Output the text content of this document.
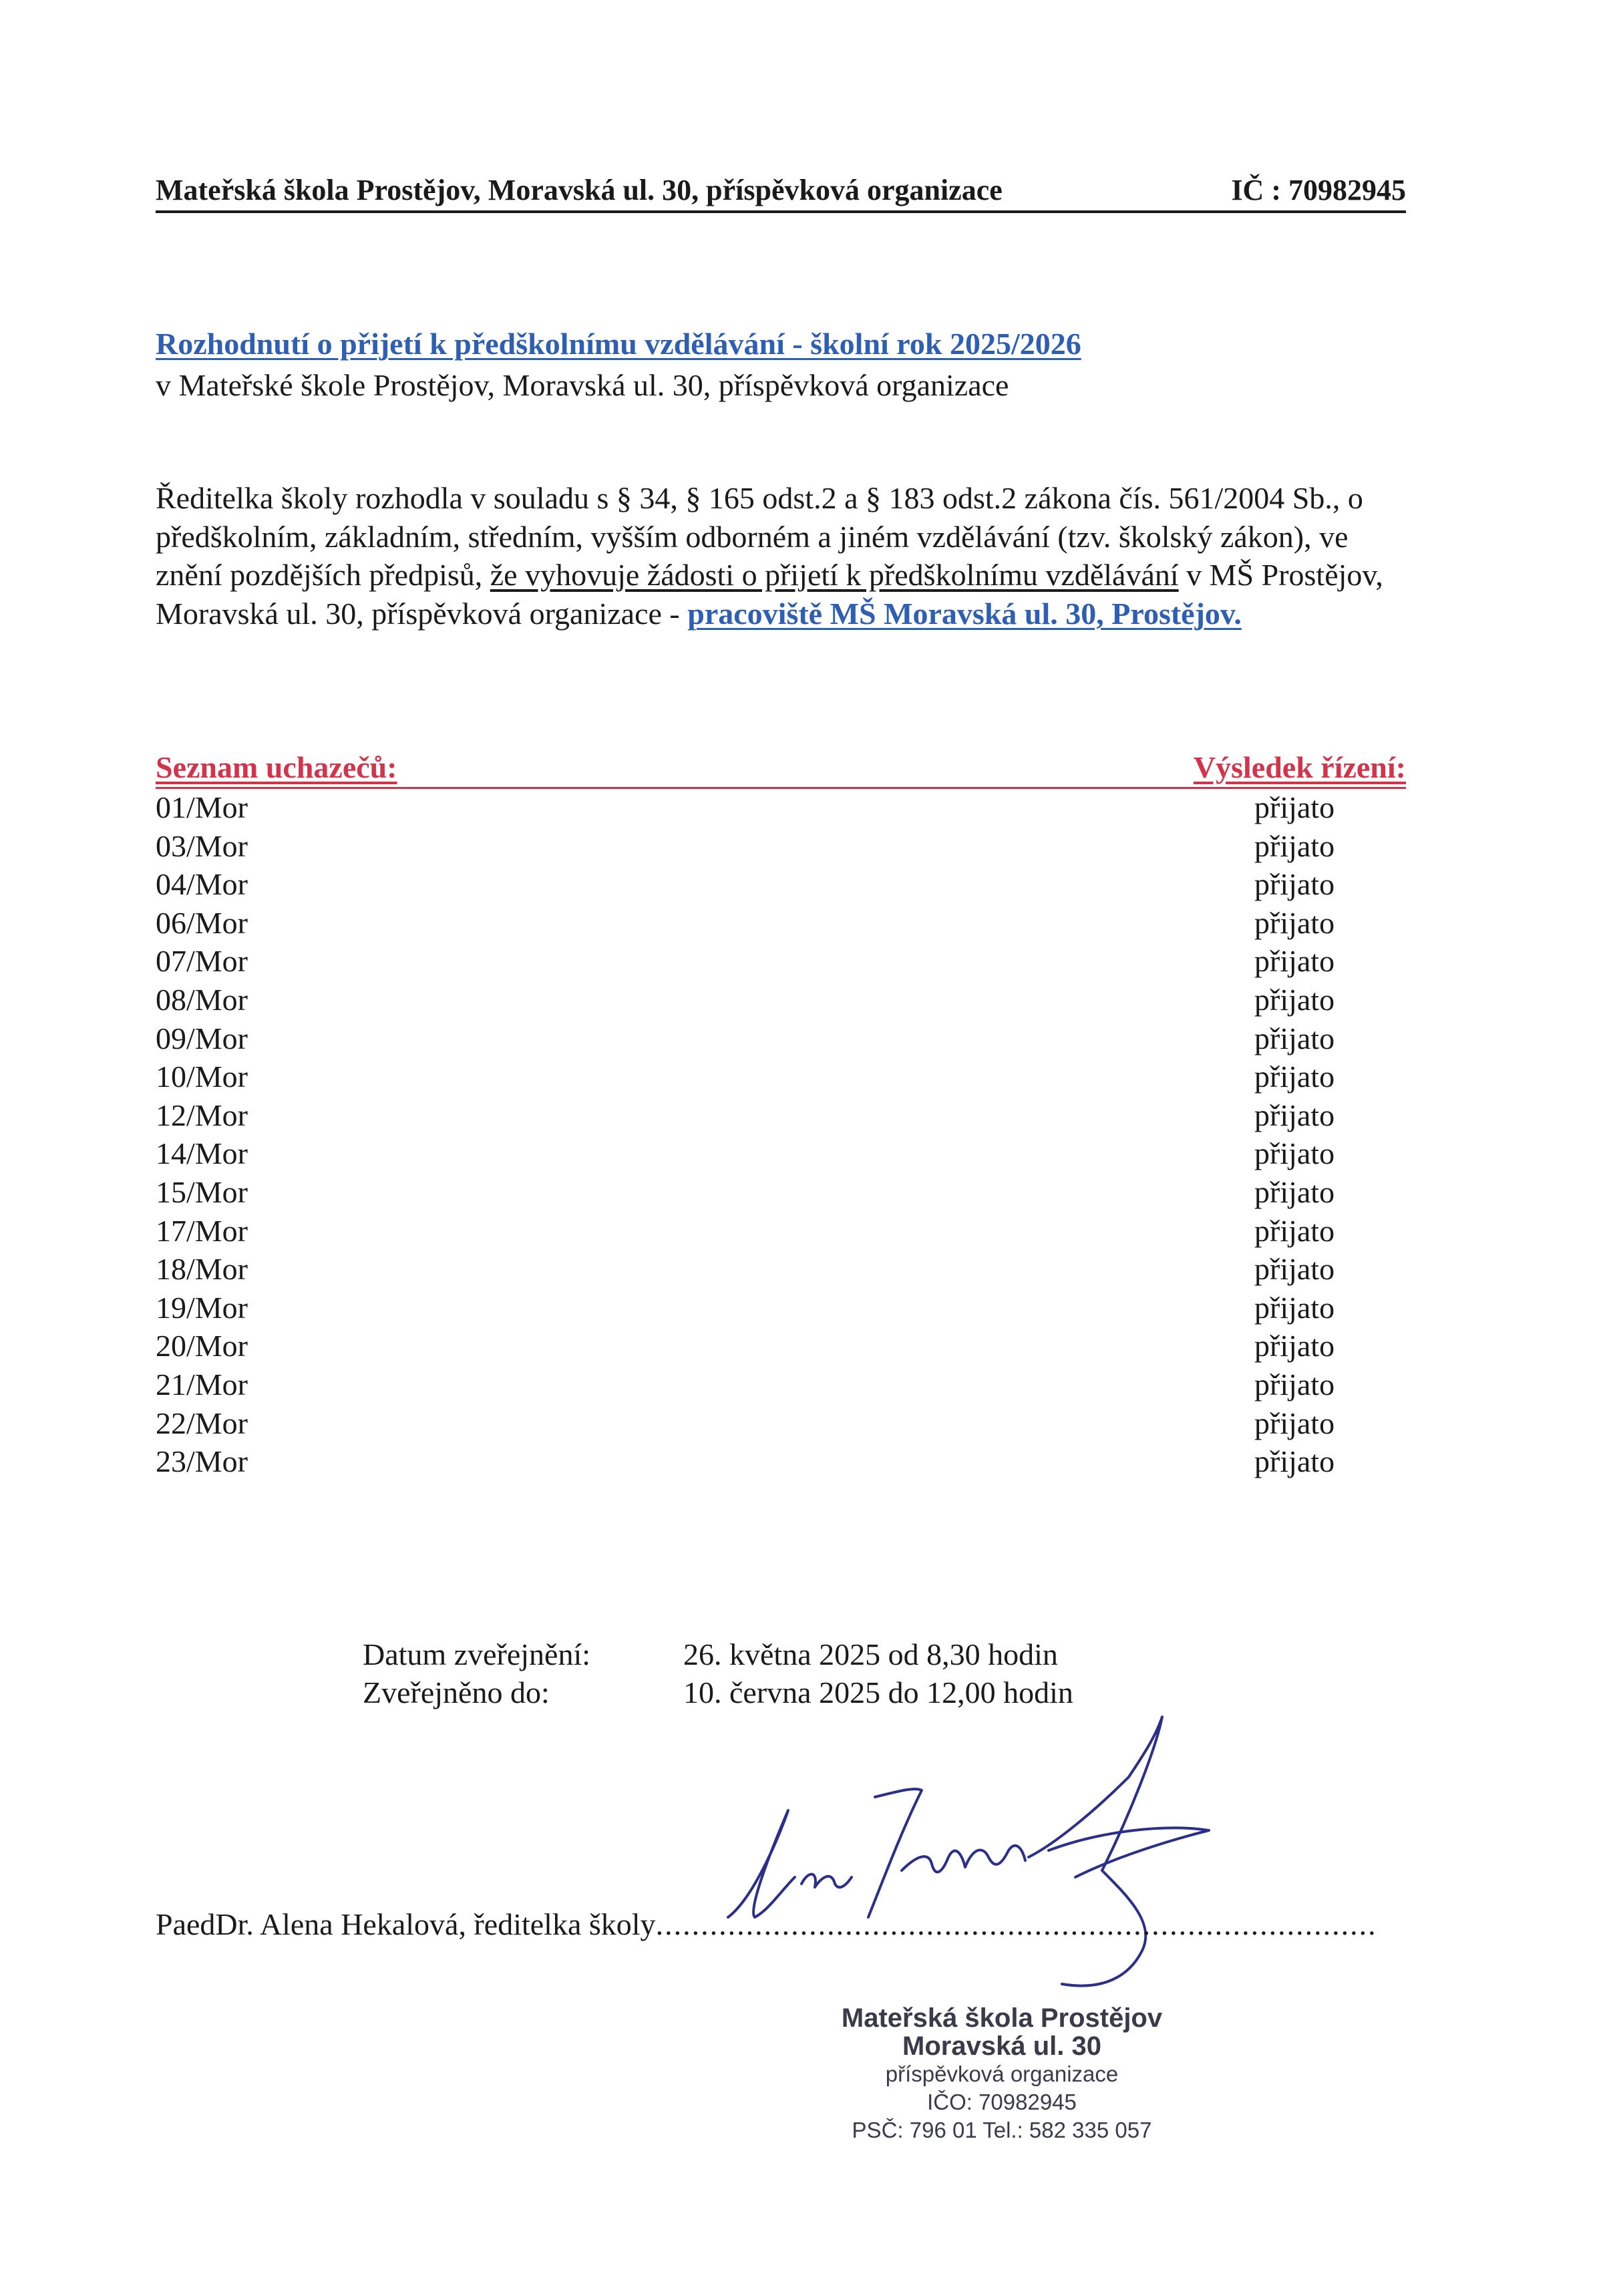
Mateřská škola Prostějov, Moravská ul. 30, příspěvková organizace	IČ : 70982945
Rozhodnutí o přijetí k předškolnímu vzdělávání - školní rok 2025/2026
v Mateřské škole Prostějov, Moravská ul. 30, příspěvková organizace
Ředitelka školy rozhodla v souladu s § 34, § 165 odst.2 a § 183 odst.2 zákona čís. 561/2004 Sb., o předškolním, základním, středním, vyšším odborném a jiném vzdělávání (tzv. školský zákon), ve znění pozdějších předpisů, že vyhovuje žádosti o přijetí k předškolnímu vzdělávání v MŠ Prostějov, Moravská ul. 30, příspěvková organizace - pracoviště MŠ Moravská ul. 30, Prostějov.
Seznam uchazečů:	Výsledek řízení:
01/Mor	přijato
03/Mor	přijato
04/Mor	přijato
06/Mor	přijato
07/Mor	přijato
08/Mor	přijato
09/Mor	přijato
10/Mor	přijato
12/Mor	přijato
14/Mor	přijato
15/Mor	přijato
17/Mor	přijato
18/Mor	přijato
19/Mor	přijato
20/Mor	přijato
21/Mor	přijato
22/Mor	přijato
23/Mor	přijato
Datum zveřejnění:	26. května 2025 od 8,30 hodin
Zveřejněno do:	10. června 2025 do 12,00 hodin
PaedDr. Alena Hekalová, ředitelka školy................................................................................
Mateřská škola Prostějov
Moravská ul. 30
příspěvková organizace
IČO: 70982945
PSČ: 796 01 Tel.: 582 335 057
